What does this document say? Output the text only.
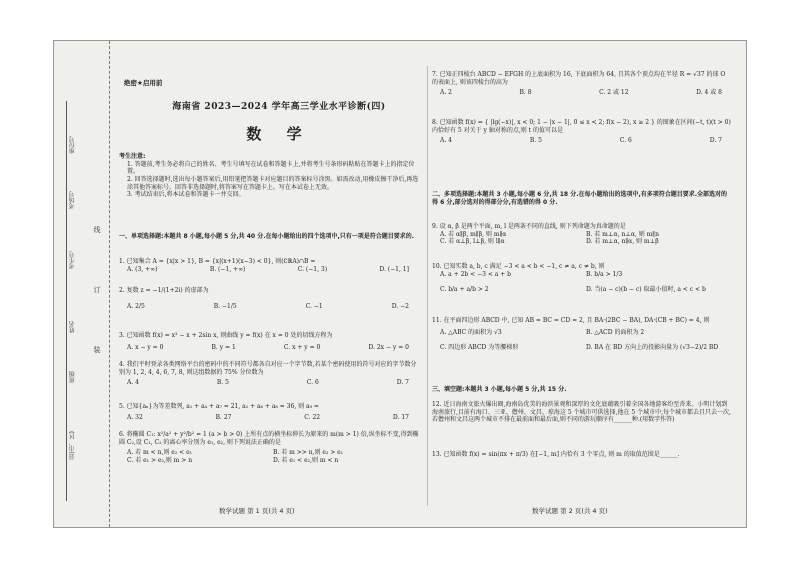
座位号
考场号
考生号
姓名
班级
县(市、区)
线
订
装
绝密★启用前
海南省 2023—2024 学年高三学业水平诊断(四)
数 学

考生注意:

1. 答题前,考生务必将自己的姓名、考生号填写在试卷和答题卡上,并将考生号条形码粘贴在答题卡上的指定位置。

2. 回答选择题时,选出每小题答案后,用铅笔把答题卡对应题目的答案标号涂黑。如需改动,用橡皮擦干净后,再选涂其他答案标号。回答非选择题时,将答案写在答题卡上。写在本试卷上无效。

3. 考试结束后,将本试卷和答题卡一并交回。

一、单项选择题:本题共 8 小题,每小题 5 分,共 40 分.在每小题给出的四个选项中,只有一项是符合题目要求的.

1. 已知集合 A = {x|x > 1}, B = {x|(x+1)(x−3) < 0}, 则(∁ℝA)∩B =

A. (3, +∞)	B. (−1, +∞)	C. (−1, 3)	D. (−1, 1]

2. 复数 z = −1/(1+2i) 的虚部为

A. 2/5	B. −1/5	C. −1	D. −2

3. 已知函数 f(x) = x³ − x + 2sin x, 则曲线 y = f(x) 在 x = 0 处的切线方程为

A. x − y = 0	B. y = 1	C. x + y = 0	D. 2x − y = 0

4. 我们平时登录各类网络平台的密码中的不同符号都各自对应一个字节数,若某个密码使用的符号对应的字节数分别为 1, 2, 4, 4, 6, 7, 8, 则这组数据的 75% 分位数为

A. 4	B. 5	C. 6	D. 7

5. 已知{aₙ}为等差数列, a₁ + a₄ + a₇ = 21, a₂ + a₆ + a₈ = 36, 则 a₉ =

A. 32	B. 27	C. 22	D. 17

6. 将椭圆 C₁: x²/a² + y²/b² = 1 (a > b > 0) 上所有点的横坐标伸长为原来的 m(m > 1) 倍,纵坐标不变,得到椭圆 C₂,设 C₁, C₂ 的离心率分别为 e₁, e₂, 则下列说法正确的是

A. 若 m < n,则 e₂ < e₁	B. 若 m >> n,则 e₂ > e₁
C. 若 e₁ > e₂,则 m > n	D. 若 e₁ < e₂,则 m < n
数学试题 第 1 页(共 4 页)

7. 已知正四棱台 ABCD − EFGH 的上底面积为 16, 下底面积为 64, 且其各个顶点均在半径 R = √37 的球 O 的表面上, 则该四棱台的高为

A. 2	B. 8	C. 2 或 12	D. 4 或 8

8. 已知函数 f(x) = { |lg(−x)|, x < 0; 1 − |x − 1|, 0 ≤ x < 2; f(x − 2), x ≥ 2 } 的图象在区间(−t, t)(t > 0)内恰好有 5 对关于 y 轴对称的点,则 t 的值可以是

A. 4	B. 5	C. 6	D. 7

二、多项选择题:本题共 3 小题,每小题 6 分,共 18 分.在每小题给出的选项中,有多项符合题目要求.全部选对的得 6 分,部分选对的得部分分,有选错的得 0 分.

9. 设 α, β 是两个平面, m, l 是两条不同的直线, 则下列命题为真命题的是

A. 若 α∥β, m∥β, 则 m∥α	B. 若 m⊥α, n⊥α, 则 m∥n
C. 若 α⊥β, l⊥β, 则 l∥α	D. 若 m⊥α, n∥α, 则 m⊥β

10. 已知实数 a, b, c 满足 −3 < a < b < −1, c ≠ a, c ≠ b, 则

A. a + 2b < −3 < a + b	B. b/a > 1/3
C. b/a + a/b > 2	D. 当(a − c)(b − c) 取最小值时, a < c < b

11. 在平面四边形 ABCD 中, 已知 AB = BC = CD = 2, 且 BA·(2BC − BA), DA·(CB + BC) = 4, 则

A. △ABC 的面积为 √3	B. △ACD 的面积为 2
C. 四边形 ABCD 为等腰梯形	D. BA 在 BD 方向上的投影向量为 (√3−2)/2 BD

三、填空题:本题共 3 小题,每小题 5 分,共 15 分.

12. 近日海南文旅火爆出圈,海南岛优美的海滨景观和深厚的文化底蕴吸引着全国各地游客纷至沓来。小明计划到海南旅行,目前有海口、三亚、儋州、文昌、琼海这 5 个城市可供选择,他在 5 个城市中,每个城市都去且只去一次,若儋州和文昌这两个城市不排在最前面和最后面,则不同的游玩顺序有______种.(用数字作答)

13. 已知函数 f(x) = sin(πx + π/3) 在[−1, m] 内恰有 3 个零点, 则 m 的取值范围是______.

数学试题 第 2 页(共 4 页)
